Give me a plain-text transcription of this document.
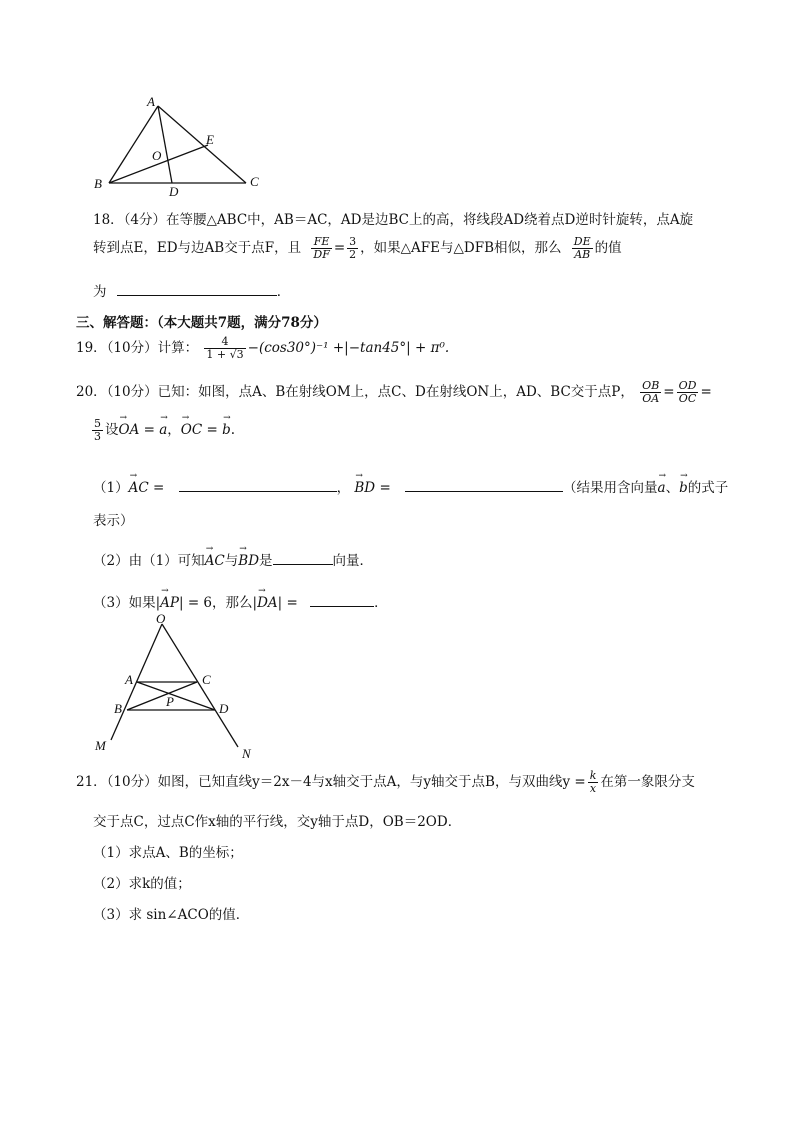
A
E
O
B
D
C
18．（4分）在等腰△ABC中，AB＝AC，AD是边BC上的高，将线段AD绕着点D逆时针旋转，点A旋
转到点E，ED与边AB交于点F，且 $\frac{FE}{DF} = \frac{3}{2}$ ，如果△AFE与△DFB相似，那么 $\frac{DE}{AB}$ 的值
为	．
三、解答题：（本大题共7题，满分78分）
19．（10分）计算： $\frac{4}{1 + √3} -(\cos 30^\circ)^{-1} +|-\tan 45^\circ| + \pi^0$.
20．（10分）已知：如图，点A、B在射线OM上，点C、D在射线ON上，AD、BC交于点P， $\frac{OB}{OA} = \frac{OD}{OC}$ =
$\frac{5}{3}$ 设→ OA = → a，→ OC = → b.
（1）→ AC =	， → BD =	（结果用含向量→ a、→ b的式子
表示）
（2）由（1）可知→ AC与→ BD是	向量．
（3）如果|→ AP| = 6，那么|→ DA| =	．
O
A	C
B	P	D
M
N
21．（10分）如图，已知直线y＝2x－4与x轴交于点A，与y轴交于点B，与双曲线$y = \frac{k}{x}$ 在第一象限分支
交于点C，过点C作x轴的平行线，交y轴于点D，OB＝2OD．
（1）求点A、B的坐标；
（2）求k的值；
（3）求 sin∠ACO的值．
